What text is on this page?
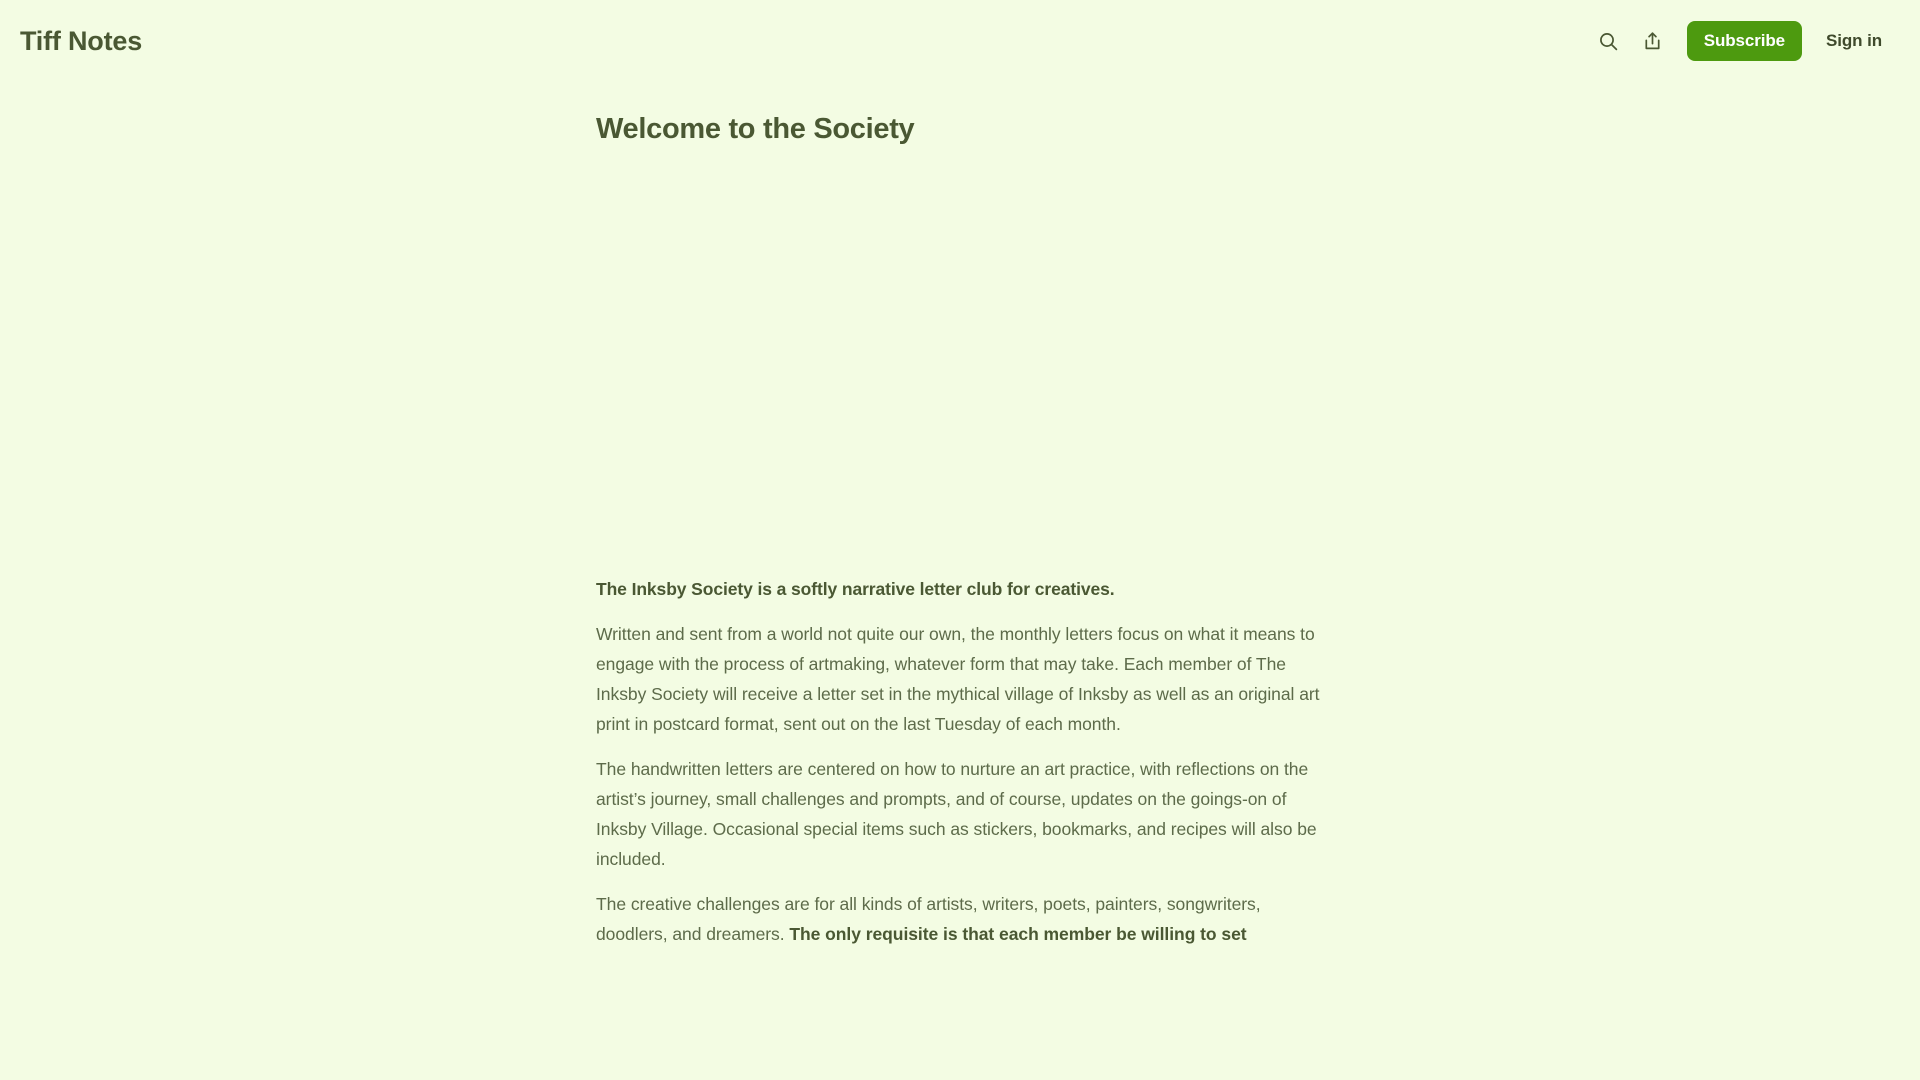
Tiff Notes	Subscribe	Sign in
Welcome to the Society

The Inksby Society is a softly narrative letter club for creatives.

Written and sent from a world not quite our own, the monthly letters focus on what it means to engage with the process of artmaking, whatever form that may take. Each member of The Inksby Society will receive a letter set in the mythical village of Inksby as well as an original art print in postcard format, sent out on the last Tuesday of each month.

The handwritten letters are centered on how to nurture an art practice, with reflections on the artist’s journey, small challenges and prompts, and of course, updates on the goings-on of Inksby Village. Occasional special items such as stickers, bookmarks, and recipes will also be included.

The creative challenges are for all kinds of artists, writers, poets, painters, songwriters, doodlers, and dreamers. The only requisite is that each member be willing to set
